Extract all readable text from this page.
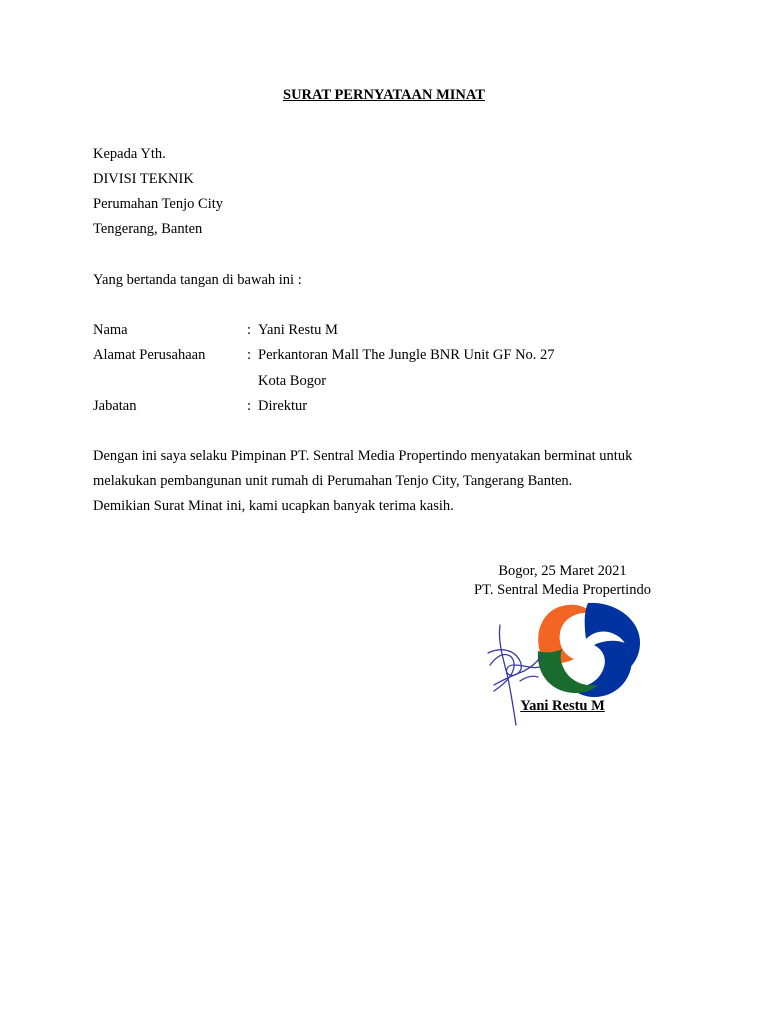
SURAT PERNYATAAN MINAT
Kepada Yth.
DIVISI TEKNIK
Perumahan Tenjo City
Tengerang, Banten
Yang bertanda tangan di bawah ini :
Nama	: Yani Restu M
Alamat Perusahaan	: Perkantoran Mall The Jungle BNR Unit GF No. 27
Kota Bogor
Jabatan	: Direktur
Dengan ini saya selaku Pimpinan PT. Sentral Media Propertindo menyatakan berminat untuk
melakukan pembangunan unit rumah di Perumahan Tenjo City, Tangerang Banten.
Demikian Surat Minat ini, kami ucapkan banyak terima kasih.
Bogor, 25 Maret 2021
PT. Sentral Media Propertindo
Yani Restu M
